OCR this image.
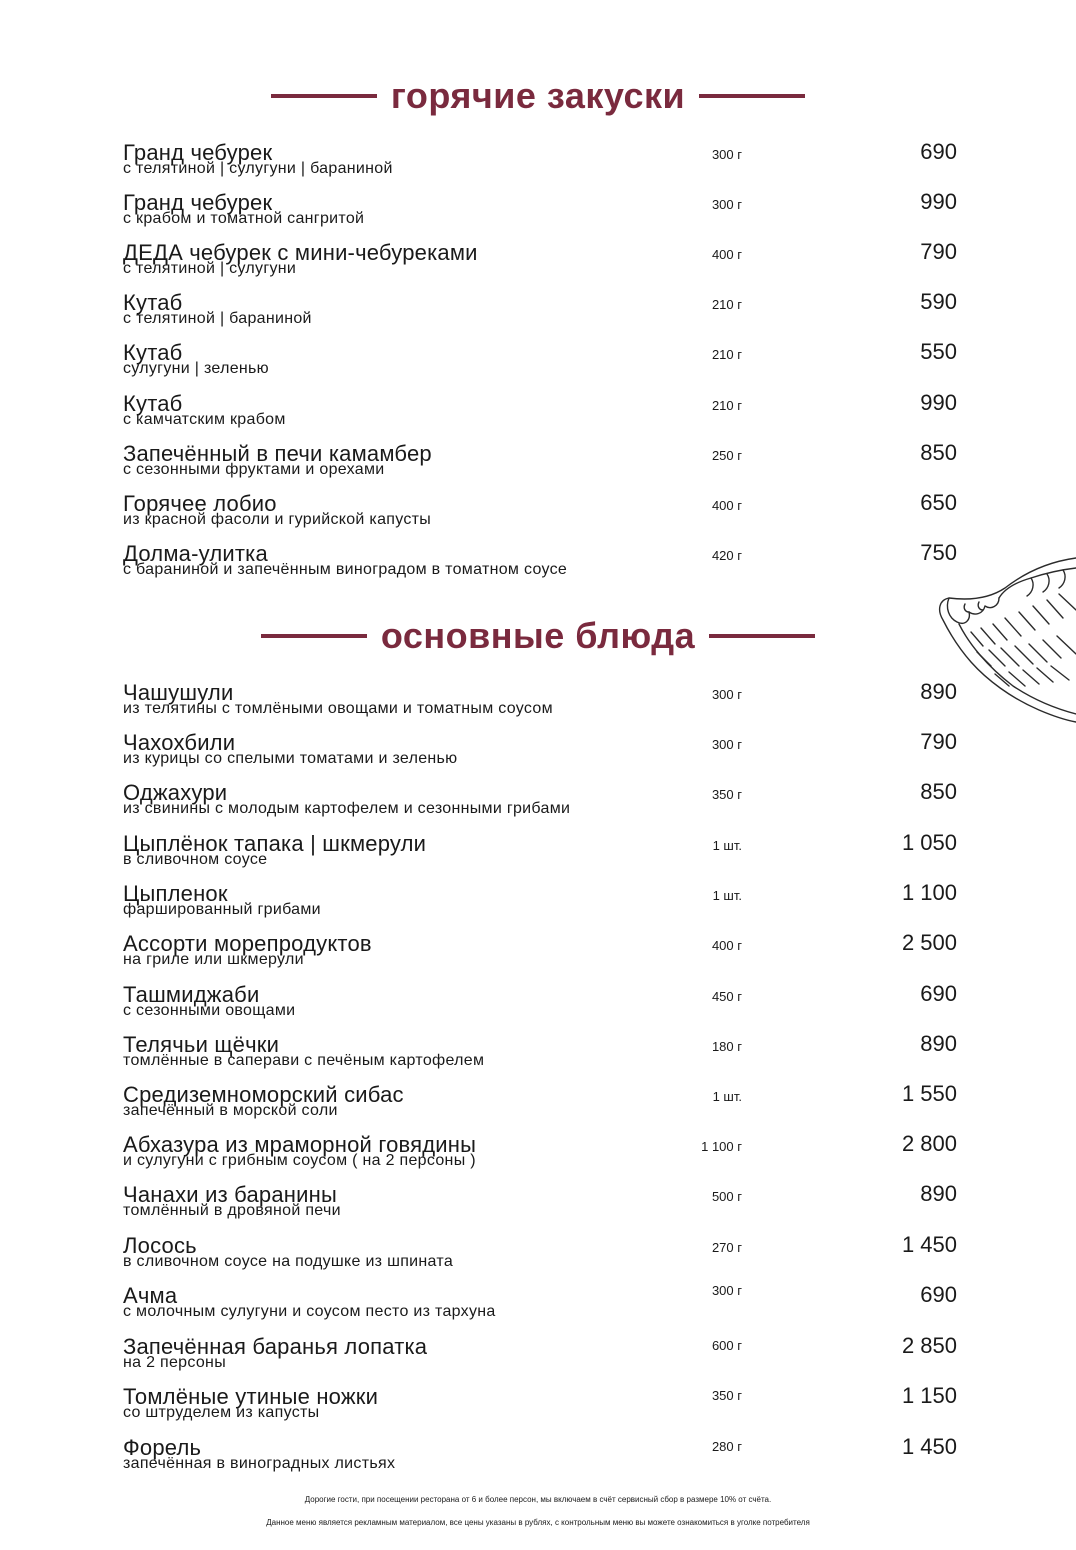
горячие закуски
Гранд чебурек
с телятиной | сулугуни | бараниной
300 г	690
Гранд чебурек
с крабом и томатной сангритой
300 г	990
ДЕДА чебурек с мини-чебуреками
с телятиной | сулугуни
400 г	790
Кутаб
с телятиной | бараниной
210 г	590
Кутаб
сулугуни | зеленью
210 г	550
Кутаб
с камчатским крабом
210 г	990
Запечённый в печи камамбер
с сезонными фруктами и орехами
250 г	850
Горячее лобио
из красной фасоли и гурийской капусты
400 г	650
Долма-улитка
с бараниной и запечённым виноградом в томатном соусе
420 г	750
основные блюда
Чашушули
из телятины с томлёными овощами и томатным соусом
300 г	890
Чахохбили
из курицы со спелыми томатами и зеленью
300 г	790
Оджахури
из свинины с молодым картофелем и сезонными грибами
350 г	850
Цыплёнок тапака | шкмерули
в сливочном соусе
1 шт.	1 050
Цыпленок
фаршированный грибами
1 шт.	1 100
Ассорти морепродуктов
на гриле или шкмерули
400 г	2 500
Ташмиджаби
с сезонными овощами
450 г	690
Телячьи щёчки
томлённые в саперави с печёным картофелем
180 г	890
Средиземноморский сибас
запечённый в морской соли
1 шт.	1 550
Абхазура из мраморной говядины
и сулугуни с грибным соусом ( на 2 персоны )
1 100 г	2 800
Чанахи из баранины
томлённый в дровяной печи
500 г	890
Лосось
в сливочном соусе на подушке из шпината
270 г	1 450
Ачма
с молочным сулугуни и соусом песто из тархуна
300 г	690
Запечённая баранья лопатка
на 2 персоны
600 г	2 850
Томлёные утиные ножки
со штруделем из капусты
350 г	1 150
Форель
запечённая в виноградных листьях
280 г	1 450
Дорогие гости, при посещении ресторана от 6 и более персон, мы включаем в счёт сервисный сбор в размере 10% от счёта.
Данное меню является рекламным материалом, все цены указаны в рублях, с контрольным меню вы можете ознакомиться в уголке потребителя
